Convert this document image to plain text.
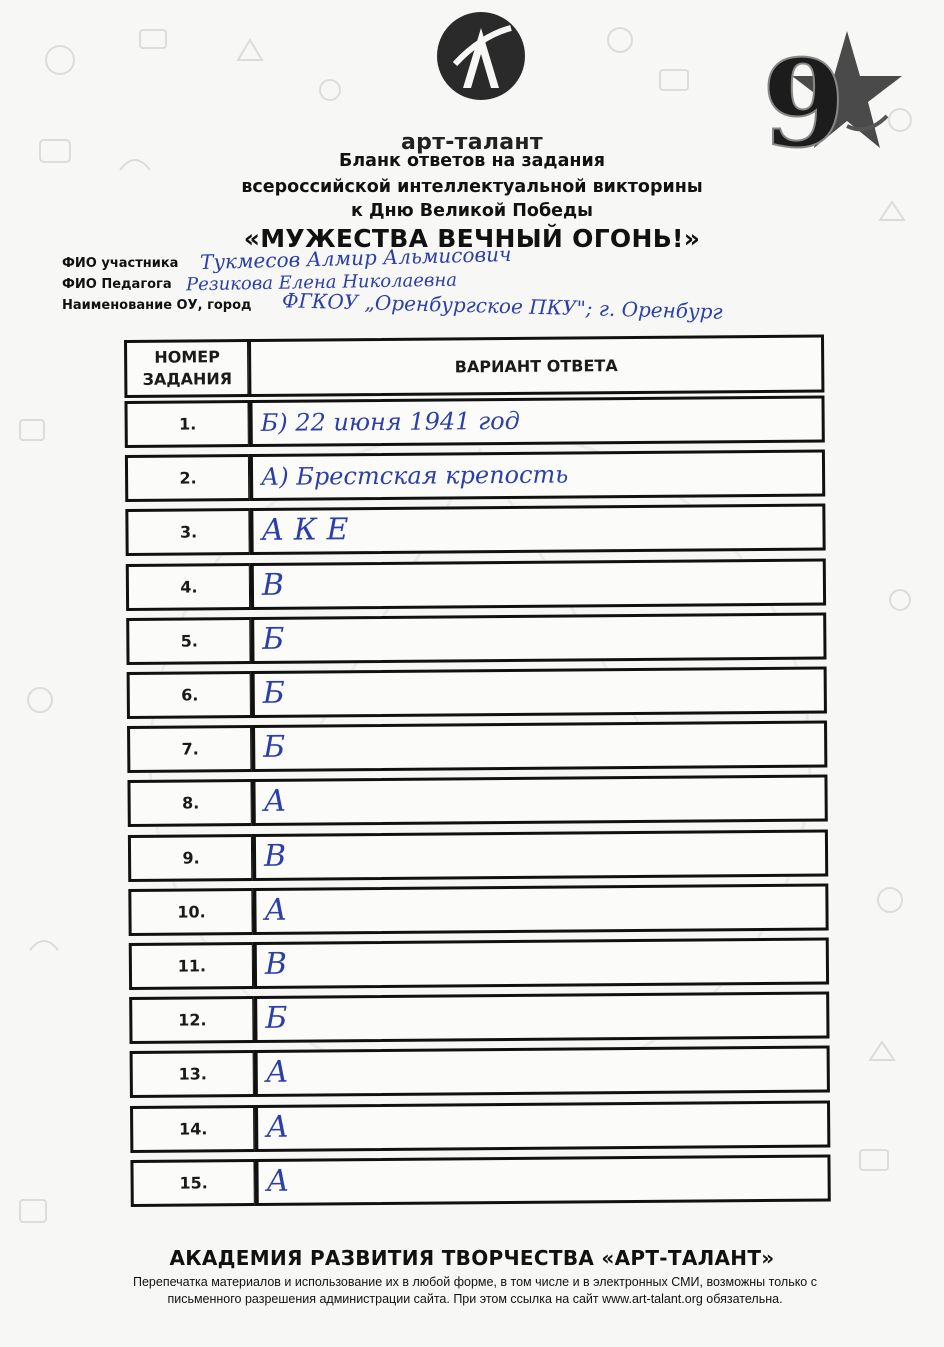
9
арт-талант
Бланк ответов на задания
всероссийской интеллектуальной викторины
к Дню Великой Победы
«МУЖЕСТВА ВЕЧНЫЙ ОГОНЬ!»
ФИО участника Тукмесов Алмир Альмисович
ФИО Педагога Резикова Елена Николаевна
Наименование ОУ, город ФГКОУ „Оренбургское ПКУ"; г. Оренбург
НОМЕР ЗАДАНИЯ
ВАРИАНТ ОТВЕТА
1.	Б) 22 июня 1941 год
2.	А) Брестская крепость
3.	А К Е
4.	В
5.	Б
6.	Б
7.	Б
8.	А
9.	В
10.	А
11.	В
12.	Б
13.	А
14.	А
15.	А
АКАДЕМИЯ РАЗВИТИЯ ТВОРЧЕСТВА «АРТ-ТАЛАНТ»
Перепечатка материалов и использование их в любой форме, в том числе и в электронных СМИ, возможны только с
письменного разрешения администрации сайта. При этом ссылка на сайт www.art-talant.org обязательна.
